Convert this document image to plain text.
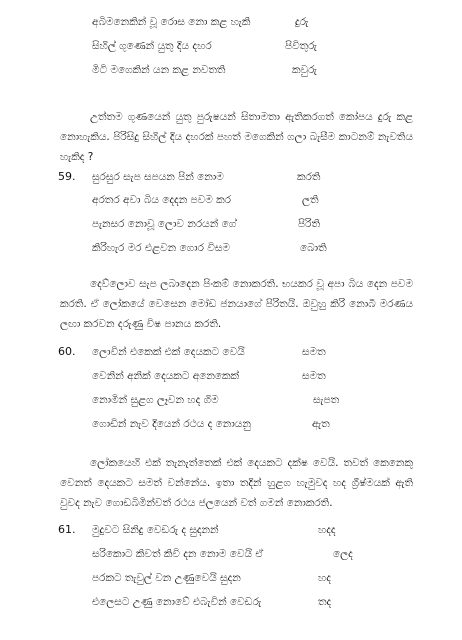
අබිමනෙකින් වූ රොස නො කළ හැකි	දුරු
සිහිල් ගුණෙන් යුතු දිය දහර	පිවිතුරු
මිටි මගෙකින් යන කළ නවතති	කවුරු
උත්තම ගුණයෙන් යුතු පුරුෂයන් සිතාමතා ඇතිකරගත් කෝපය දුරු කළ නොහැකිය. පිරිසිදු සිහිල් දිය දහරක් පහත් මගෙකින් ගලා බැසීම කාටනම් නැවතිය හැකිද ?
59. සුරසුර සැප සපයන පින් නොම	කරති
අරතර අවා බිය දෙදන පවම කර	ලති
පැනසර නොවූ ලොව නරයන් ගේ	පිරිති
කිරිහැර මර එළවන ගොර විසම	බොති
දෙව්ලොව සැප ලබාදෙන පිංකම් නොකරති. භයකර වූ අපා බිය දෙන පවම කරති. ඒ ලෝකයේ වෙසෙන මෝඩ ජනයාගේ පිරිතයි. ඔවුහු කිරි නොබී මරණය ලඟා කරවන දරුණු විෂ පානය කරති.
60. ලොවින් එකෙක් එක් දෙයකට වෙයි	සමත
වෙනින් අනික් දෙයකට අනෙකෙක්	සමත
නොමින් සුළග ලෑවන හද ගිම	සැපත
ගොඩින් නැව දියෙන් රථය ද නොයනු	ඇත
ලෝකයෙහි එක් තැනැත්තෙක් එක් දෙයකට දක්ෂ වෙයි. තවත් කෙනෙකු වෙනත් දෙයකට සමත් වන්නේය. ඉතා තදින් හුළග හැමුවද හද ග්‍රීෂ්මයක් ඇති වුවද නැව ගොඩබිමින්වත් රථය ජලයෙන් වත් ගමන් නොකරති.
61. මුදුවට සිනිදු වෙඩරු ද සුදනන්	හදද
සරිකොට කිවත් කිවි දන නොම වෙයි ඒ	ලෙද
පරකට තැවුල් වන උණුවෙයි සුදන	හද
එලෙසට උණු නොවේ එබැවින් වෙඩරු	තද
